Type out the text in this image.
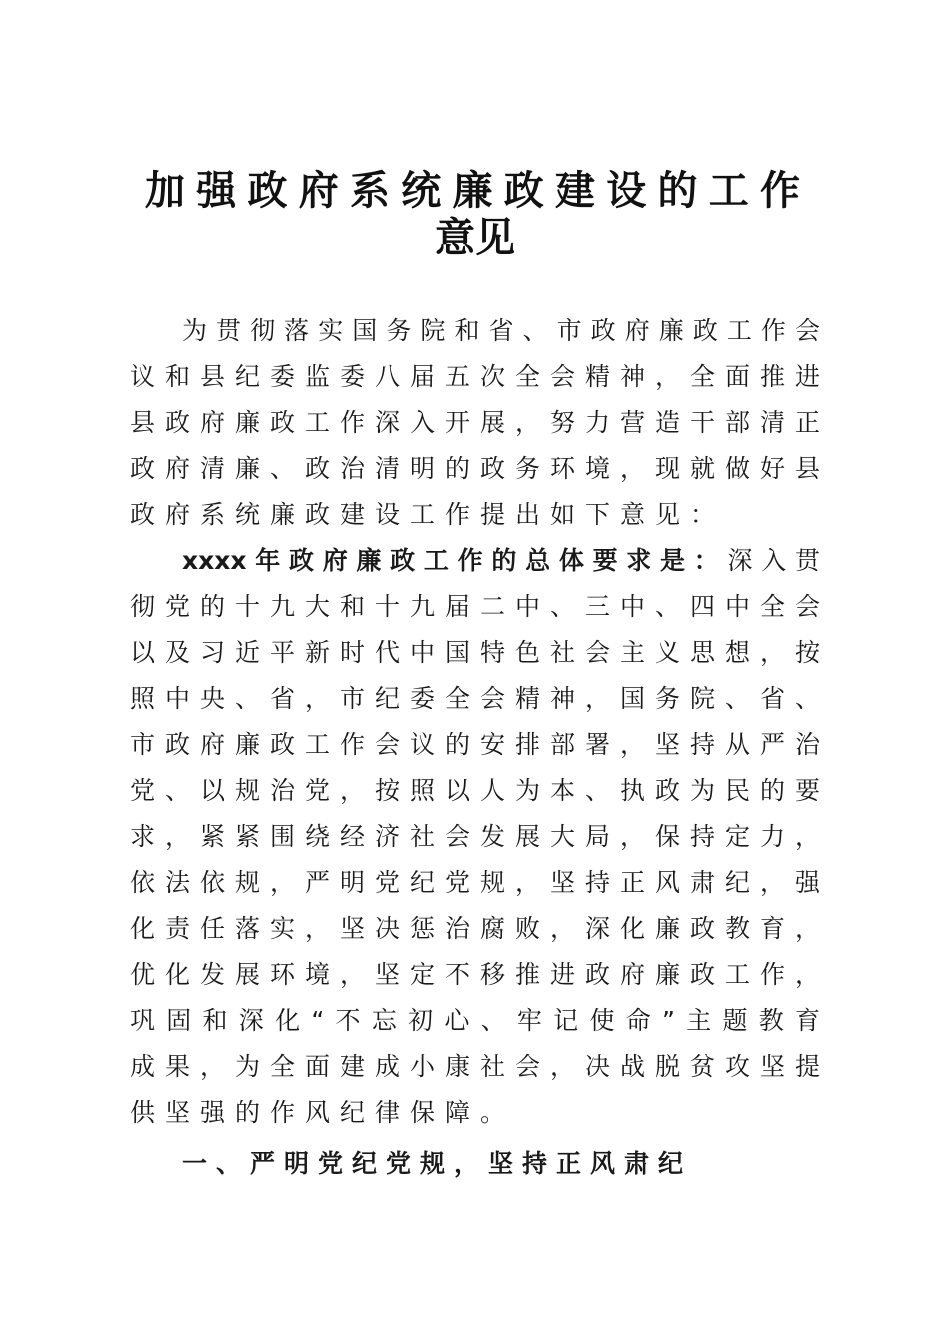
加强政府系统廉政建设的工作
意见

为贯彻落实国务院和省、市政府廉政工作会

议和县纪委监委八届五次全会精神，全面推进

县政府廉政工作深入开展，努力营造干部清正

政府清廉、政治清明的政务环境，现就做好县

政府系统廉政建设工作提出如下意见：

xxxx年政府廉政工作的总体要求是：深入贯

彻党的十九大和十九届二中、三中、四中全会

以及习近平新时代中国特色社会主义思想，按

照中央、省，市纪委全会精神，国务院、省、

市政府廉政工作会议的安排部署，坚持从严治

党、以规治党，按照以人为本、执政为民的要

求，紧紧围绕经济社会发展大局，保持定力，

依法依规，严明党纪党规，坚持正风肃纪，强

化责任落实，坚决惩治腐败，深化廉政教育，

优化发展环境，坚定不移推进政府廉政工作，

巩固和深化“不忘初心、牢记使命”主题教育

成果，为全面建成小康社会，决战脱贫攻坚提

供坚强的作风纪律保障。

一、严明党纪党规，坚持正风肃纪
